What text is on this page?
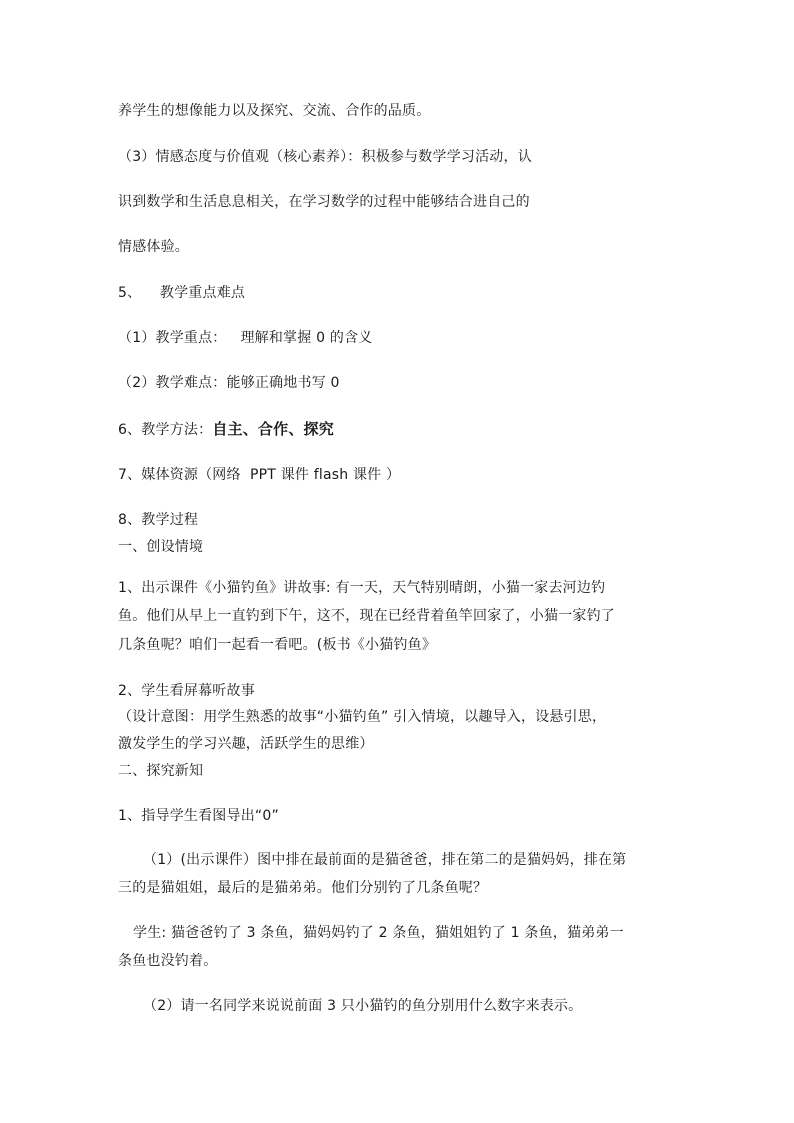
养学生的想像能力以及探究、交流、合作的品质。
（3）情感态度与价值观（核心素养）：积极参与数学学习活动，认
识到数学和生活息息相关，在学习数学的过程中能够结合进自己的
情感体验。
5、    教学重点难点
（1）教学重点：   理解和掌握 0 的含义
（2）教学难点：能够正确地书写 0
6、教学方法：自主、合作、探究
7、媒体资源（网络  PPT 课件 flash 课件 ）
8、教学过程
一、创设情境
1、出示课件《小猫钓鱼》讲故事: 有一天，天气特别晴朗，小猫一家去河边钓
鱼。他们从早上一直钓到下午，这不，现在已经背着鱼竿回家了，小猫一家钓了
几条鱼呢？咱们一起看一看吧。(板书《小猫钓鱼》
2、学生看屏幕听故事
（设计意图：用学生熟悉的故事“小猫钓鱼” 引入情境，以趣导入，设悬引思，
激发学生的学习兴趣，活跃学生的思维）
二、探究新知
1、指导学生看图导出“0”
（1）(出示课件）图中排在最前面的是猫爸爸，排在第二的是猫妈妈，排在第
三的是猫姐姐，最后的是猫弟弟。他们分别钓了几条鱼呢？
学生: 猫爸爸钓了 3 条鱼，猫妈妈钓了 2 条鱼，猫姐姐钓了 1 条鱼，猫弟弟一
条鱼也没钓着。
（2）请一名同学来说说前面 3 只小猫钓的鱼分别用什么数字来表示。
